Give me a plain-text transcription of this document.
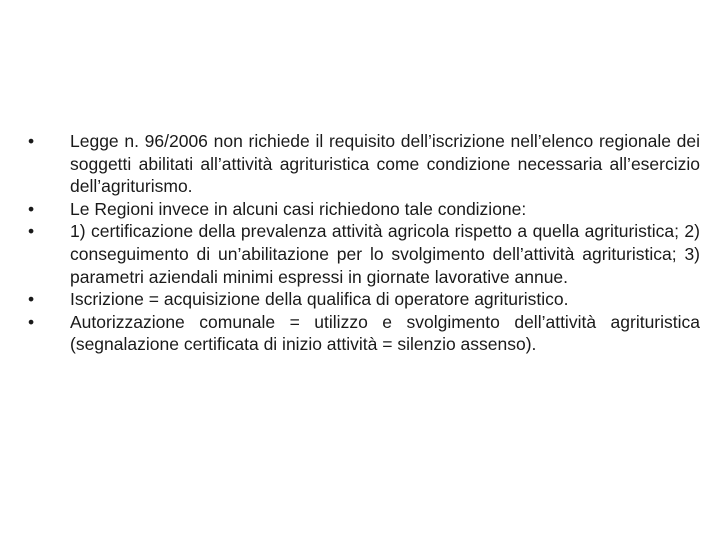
•	Legge n. 96/2006 non richiede il requisito dell’iscrizione nell’elenco regionale dei soggetti abilitati all’attività agrituristica come condizione necessaria all’esercizio dell’agriturismo.
•	Le Regioni invece in alcuni casi richiedono tale condizione:
•	1) certificazione della prevalenza attività agricola rispetto a quella agrituristica; 2) conseguimento di un’abilitazione per lo svolgimento dell’attività agrituristica; 3) parametri aziendali minimi espressi in giornate lavorative annue.
•	Iscrizione = acquisizione della qualifica di operatore agrituristico.
•	Autorizzazione comunale = utilizzo e svolgimento dell’attività agrituristica (segnalazione certificata di inizio attività = silenzio assenso).
